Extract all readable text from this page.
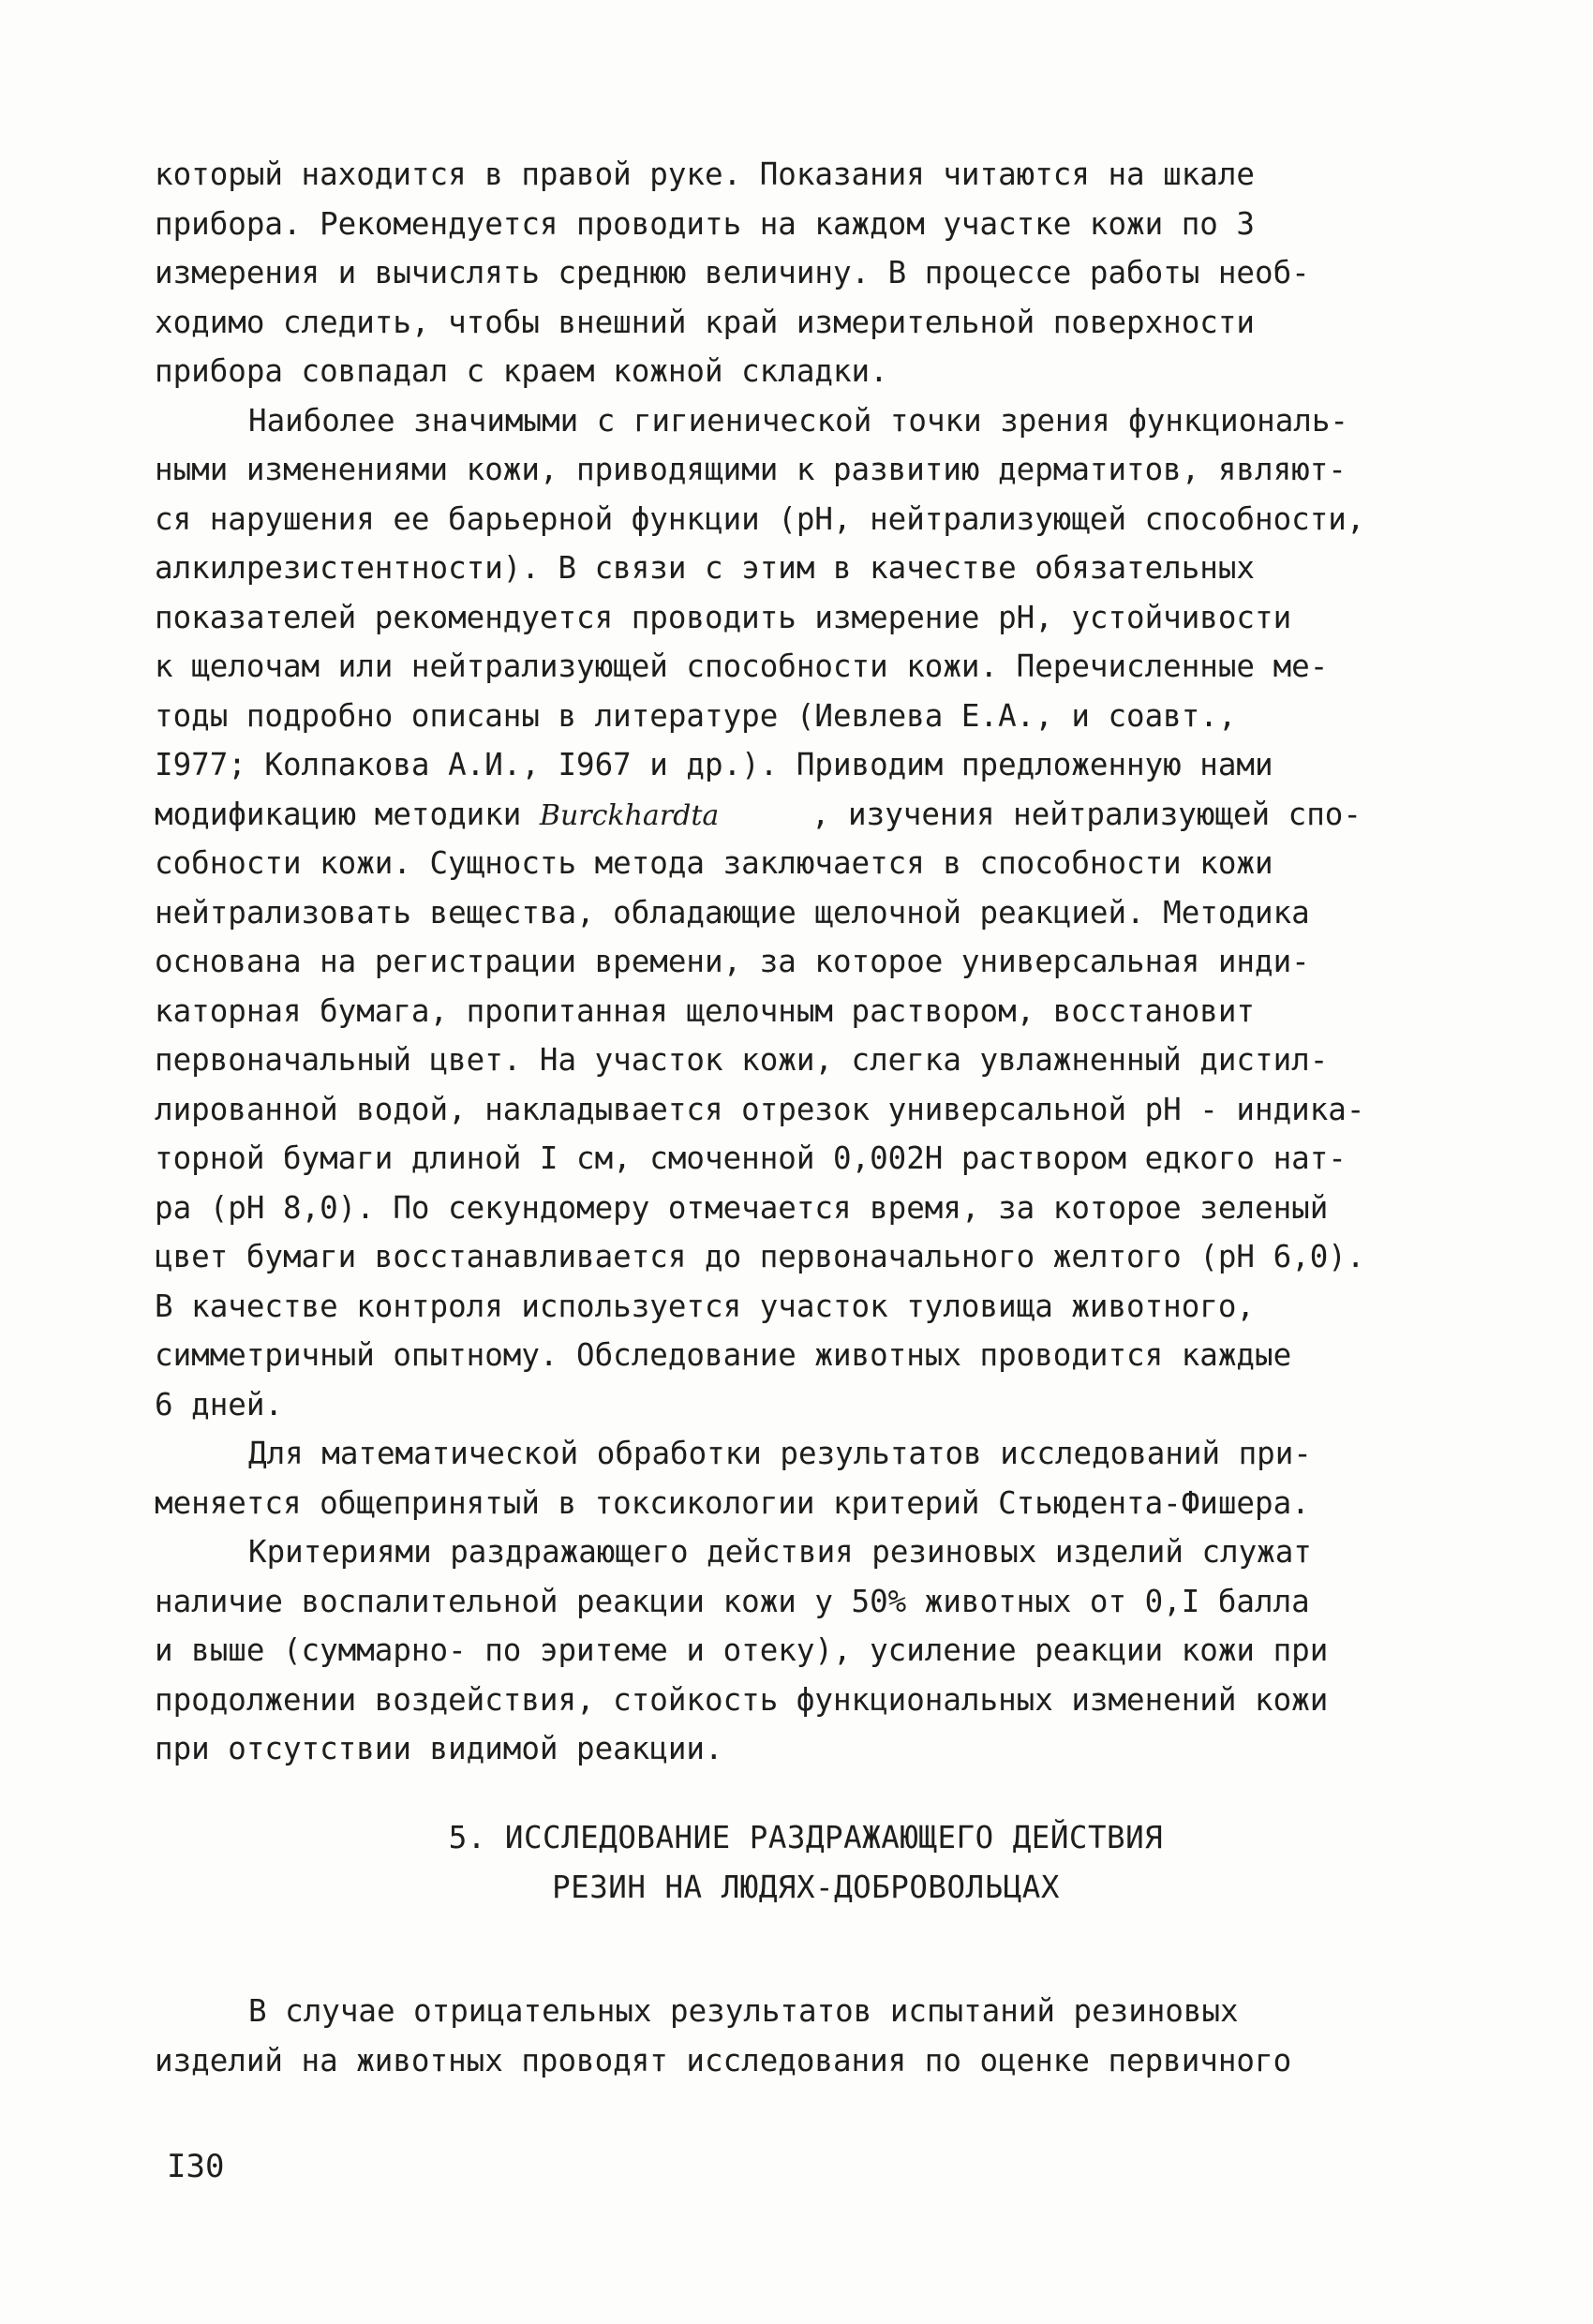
который находится в правой руке. Показания читаются на шкале
прибора. Рекомендуется проводить на каждом участке кожи по 3
измерения и вычислять среднюю величину. В процессе работы необ-
ходимо следить, чтобы внешний край измерительной поверхности
прибора совпадал с краем кожной складки.
Наиболее значимыми с гигиенической точки зрения функциональ-
ными изменениями кожи, приводящими к развитию дерматитов, являют-
ся нарушения ее барьерной функции (pH, нейтрализующей способности,
алкилрезистентности). В связи с этим в качестве обязательных
показателей рекомендуется проводить измерение pH, устойчивости
к щелочам или нейтрализующей способности кожи. Перечисленные ме-
тоды подробно описаны в литературе (Иевлева Е.А., и соавт.,
I977; Колпакова А.И., I967 и др.). Приводим предложенную нами
модификацию методики Burckhardta	, изучения нейтрализующей спо-
собности кожи. Сущность метода заключается в способности кожи
нейтрализовать вещества, обладающие щелочной реакцией. Методика
основана на регистрации времени, за которое универсальная инди-
каторная бумага, пропитанная щелочным раствором, восстановит
первоначальный цвет. На участок кожи, слегка увлажненный дистил-
лированной водой, накладывается отрезок универсальной pH - индика-
торной бумаги длиной I см, смоченной 0,002Н раствором едкого нат-
ра (pH 8,0). По секундомеру отмечается время, за которое зеленый
цвет бумаги восстанавливается до первоначального желтого (pH 6,0).
В качестве контроля используется участок туловища животного,
симметричный опытному. Обследование животных проводится каждые
6 дней.
Для математической обработки результатов исследований при-
меняется общепринятый в токсикологии критерий Стьюдента-Фишера.
Критериями раздражающего действия резиновых изделий служат
наличие воспалительной реакции кожи у 50% животных от 0,I балла
и выше (суммарно- по эритеме и отеку), усиление реакции кожи при
продолжении воздействия, стойкость функциональных изменений кожи
при отсутствии видимой реакции.
5. ИССЛЕДОВАНИЕ РАЗДРАЖАЮЩЕГО ДЕЙСТВИЯ
РЕЗИН НА ЛЮДЯХ-ДОБРОВОЛЬЦАХ
В случае отрицательных результатов испытаний резиновых
изделий на животных проводят исследования по оценке первичного
I30
